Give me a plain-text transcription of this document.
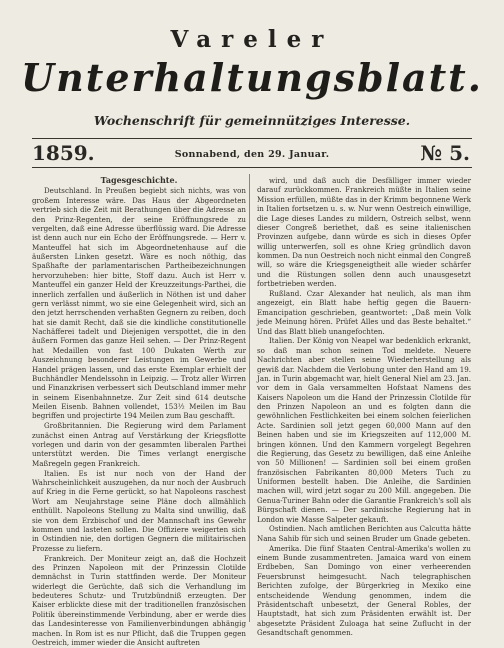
Vareler
Unterhaltungsblatt.
Wochenschrift für gemeinnütziges Interesse.
1859.	Sonnabend, den 29. Januar.	№ 5.
Tagesgeschichte.

Deutschland. In Preußen begiebt sich nichts, was von großem Interesse wäre. Das Haus der Abgeordneten vertrieb sich die Zeit mit Berathungen über die Adresse an den Prinz-Regenten, der seine Eröffnungsrede zu vergelten, daß eine Adresse überflüssig ward. Die Adresse ist denn auch nur ein Echo der Eröffnungsrede. — Herr v. Manteuffel hat sich im Abgeordnetenhause auf die äußersten Linken gesetzt. Wäre es noch nöthig, das Spaßhafte der parlamentarischen Partheibezeichnungen hervorzuheben: hier bitte, Stoff dazu. Auch ist Herr v. Manteuffel ein ganzer Held der Kreuzzeitungs-Parthei, die innerlich zerfallen und äußerlich in Nöthen ist und daher gern verlässt nimmt, wo sie eine Gelegenheit wird, sich an den jetzt herrschenden verhaßten Gegnern zu reiben, doch hat sie damit Recht, daß sie die kindliche constitutionelle Nachäfferei tadelt und Diejenigen verspottet, die in den äußern Formen das ganze Heil sehen. — Der Prinz-Regent hat Medaillen von fast 100 Dukaten Werth zur Auszeichnung besonderer Leistungen im Gewerbe und Handel prägen lassen, und das erste Exemplar erhielt der Buchhändler Mendelssohn in Leipzig. — Trotz aller Wirren und Finanzkrisen verbessert sich Deutschland immer mehr in seinem Eisenbahnnetze. Zur Zeit sind 614 deutsche Meilen Eisenb. Bahnen vollendet, 153½ Meilen im Bau begriffen und projectirte 194 Meilen zum Bau geschafft.

Großbritannien. Die Regierung wird dem Parlament zunächst einen Antrag auf Verstärkung der Kriegsflotte vorlegen und darin von der gesammten liberalen Parthei unterstützt werden. Die Times verlangt energische Maßregeln gegen Frankreich.

Italien. Es ist nur noch von der Hand der Wahrscheinlichkeit auszugehen, da nur noch der Ausbruch auf Krieg in die Ferne gerückt, so hat Napoleons raschest Wort am Neujahrstage seine Pläne doch allmählich enthüllt. Napoleons Stellung zu Malta sind unwillig, daß sie von dem Erzbischof und der Mannschaft ins Gewehr kommen und lasteten sollen. Die Offiziere weigerten sich in Ostindien nie, den dortigen Gegnern die militairischen Prozesse zu liefern.

Frankreich. Der Moniteur zeigt an, daß die Hochzeit des Prinzen Napoleon mit der Prinzessin Clotilde demnächst in Turin stattfinden werde. Der Moniteur widerlegt die Gerüchte, daß sich die Verhandlung im bedeuteres Schutz- und Trutzbündniß erzeugten. Der Kaiser erblickte diese mit der traditionellen französischen Politik übereinstimmende Verbindung, aber er werde dies das Landesinteresse von Familienverbindungen abhängig machen. In Rom ist es nur Pflicht, daß die Truppen gegen Oestreich, immer wieder die Ansicht auftreten

wird, und daß auch die Desfälliger immer wieder darauf zurückkommen. Frankreich müßte in Italien seine Mission erfüllen, müßte das in der Krimm begonnene Werk in Italien fortsetzen u. s. w. Nur wenn Oestreich einwillige, die Lage dieses Landes zu mildern, Ostreich selbst, wenn dieser Congreß beriethet, daß es seine italienischen Provinzen aufgebe, dann würde es sich in dieses Opfer willig unterwerfen, soll es ohne Krieg gründlich davon kommen. Da nun Oestreich noch nicht einmal den Congreß will, so wäre die Kriegsgeneigtheit alle wieder schärfer und die Rüstungen sollen denn auch unausgesetzt fortbetrieben werden.

Rußland. Czar Alexander hat neulich, als man ihm angezeigt, ein Blatt habe heftig gegen die Bauern-Emancipation geschrieben, geantwortet: „Daß mein Volk jede Meinung hören. Prüfet Alles und das Beste behaltet.“ Und das Blatt blieb unangefochten.

Italien. Der König von Neapel war bedenklich erkrankt, so daß man schon seinen Tod meldete. Neuere Nachrichten aber stellen seine Wiederherstellung als gewiß dar. Nachdem die Verlobung unter den Hand am 19. Jan. in Turin abgemacht war, hielt General Niel am 23. Jan. vor dem in Gala versammelten Hofstaat Namens des Kaisers Napoleon um die Hand der Prinzessin Clotilde für den Prinzen Napoleon an und es folgten dann die gewöhnlichen Festlichkeiten bei einem solchen feierlichen Acte. Sardinien soll jetzt gegen 60,000 Mann auf den Beinen haben und sie im Kriegszeiten auf 112,000 M. bringen können. Und den Kammern vorgelegt Begehren die Regierung, das Gesetz zu bewilligen, daß eine Anleihe von 50 Millionen! — Sardinien soll bei einem großen französischen Fabrikanten 80,000 Meters Tuch zu Uniformen bestellt haben. Die Anleihe, die Sardinien machen will, wird jetzt sogar zu 200 Mill. angegeben. Die Genua-Turiner Bahn oder die Garantie Frankreich's soll als Bürgschaft dienen. — Der sardinische Regierung hat in London wie Masse Salpeter gekauft.

Ostindien. Nach amtlichen Berichten aus Calcutta hätte Nana Sahib für sich und seinen Bruder um Gnade gebeten.

Amerika. Die fünf Staaten Central-Amerika's wollen zu einem Bunde zusammentreten. Jamaica ward von einem Erdbeben, San Domingo von einer verheerenden Feuersbrunst heimgesucht. Nach telegraphischen Berichten zufolge, der Bürgerkrieg in Mexiko eine entscheidende Wendung genommen, indem die Präsidentschaft unbesetzt, der General Robles, der Hauptstadt, hat sich zum Präsidenten erwählt ist. Der abgesetzte Präsident Zuloaga hat seine Zuflucht in der Gesandtschaft genommen.
